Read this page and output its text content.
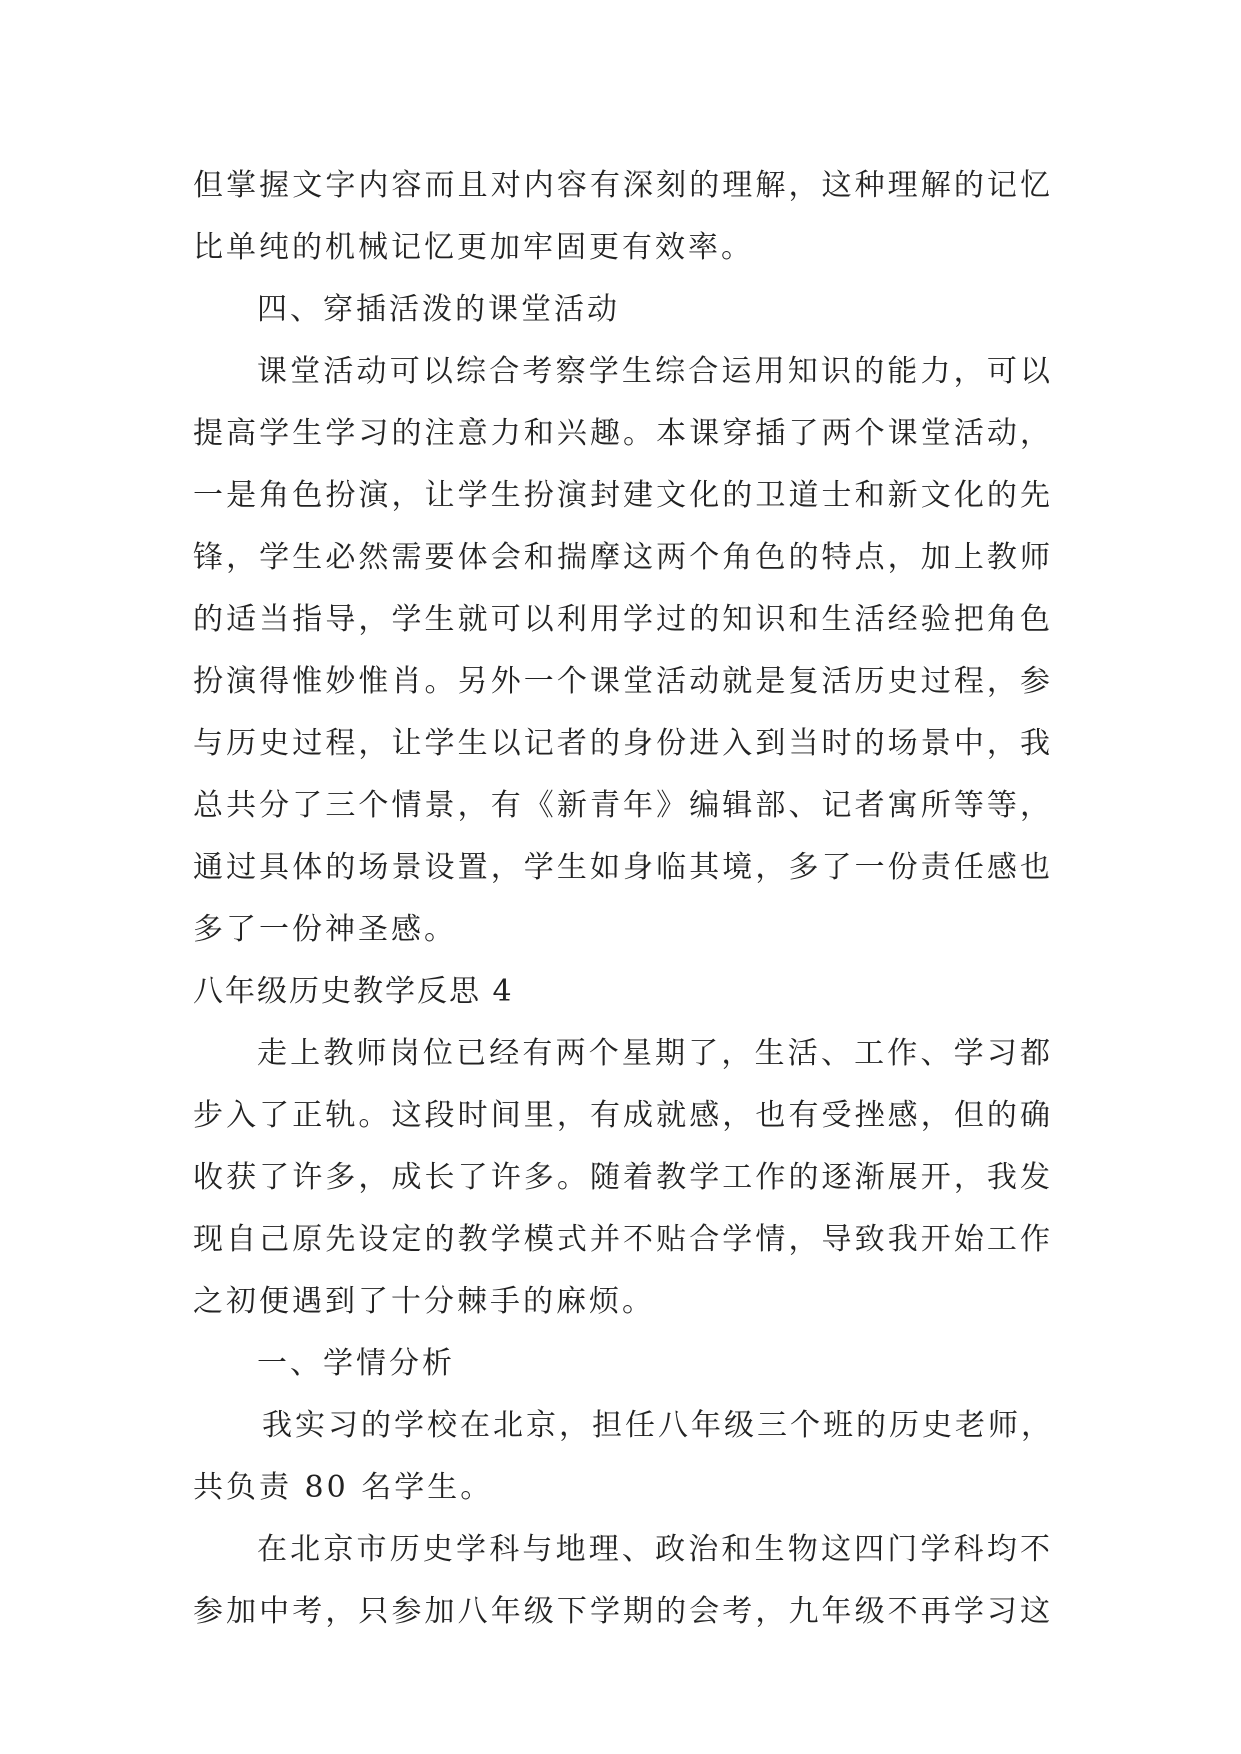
但掌握文字内容而且对内容有深刻的理解，这种理解的记忆
比单纯的机械记忆更加牢固更有效率。
四、穿插活泼的课堂活动
课堂活动可以综合考察学生综合运用知识的能力，可以
提高学生学习的注意力和兴趣。本课穿插了两个课堂活动，
一是角色扮演，让学生扮演封建文化的卫道士和新文化的先
锋，学生必然需要体会和揣摩这两个角色的特点，加上教师
的适当指导，学生就可以利用学过的知识和生活经验把角色
扮演得惟妙惟肖。另外一个课堂活动就是复活历史过程，参
与历史过程，让学生以记者的身份进入到当时的场景中，我
总共分了三个情景，有《新青年》编辑部、记者寓所等等，
通过具体的场景设置，学生如身临其境，多了一份责任感也
多了一份神圣感。
八年级历史教学反思 4
走上教师岗位已经有两个星期了，生活、工作、学习都
步入了正轨。这段时间里，有成就感，也有受挫感，但的确
收获了许多，成长了许多。随着教学工作的逐渐展开，我发
现自己原先设定的教学模式并不贴合学情，导致我开始工作
之初便遇到了十分棘手的麻烦。
一、学情分析
我实习的学校在北京，担任八年级三个班的历史老师，
共负责 80 名学生。
在北京市历史学科与地理、政治和生物这四门学科均不
参加中考，只参加八年级下学期的会考，九年级不再学习这
